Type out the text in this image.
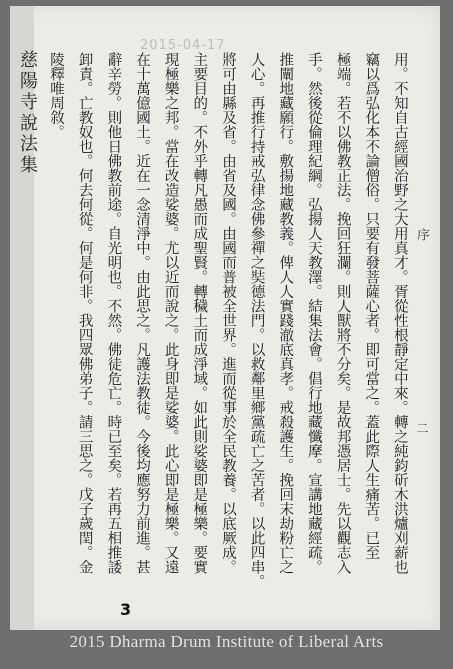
2015-04-17
慈陽寺說法集	用。不知自古經國治野之大用真才。胥從性根靜定中來。轉之純鈞斫木洪爐刈薪也
竊以爲弘化本不論僧俗。只要有發菩薩心者。即可當之。蓋此際人生痛苦。已至
極端。若不以佛教正法。挽回狂瀾。則人獸將不分矣。是故邦憑居士。先以觀志入
手。然後從倫理紀綱。弘揚人天教澤。結集法會。倡行地藏懺摩。宣講地藏經疏。
推闡地藏願行。敷揚地藏教義。俾人人實踐澈底真孝。戒殺護生。挽回末劫粉亡之
人心。再推行持戒弘律念佛參禪之奘德法門。以救鄰里鄉黨疏亡之苦者。以此四串。
將可由縣及省。由省及國。由國而普被全世界。進而從事於全民教養。以底厥成。
主要目的。不外乎轉凡愚而成聖賢。轉穢土而成淨域。如此則娑婆即是極樂。要實
現極樂之邦。當在改造娑婆。尤以近而說之。此身即是娑婆。此心即是極樂。又遠
在十萬億國土。近在一念清淨中。由此思之。凡護法教徒。今後均應努力前進。甚
辭辛勞。則他日佛教前途。自光明也。不然。佛徒危亡。時已至矣。若再五相推諉
卸責。亡教奴也。何去何從。何是何非。我四眾佛弟子。請三思之。戊子歲閏。金
陵釋唯周敘。
序
二
3
2015 Dharma Drum Institute of Liberal Arts
